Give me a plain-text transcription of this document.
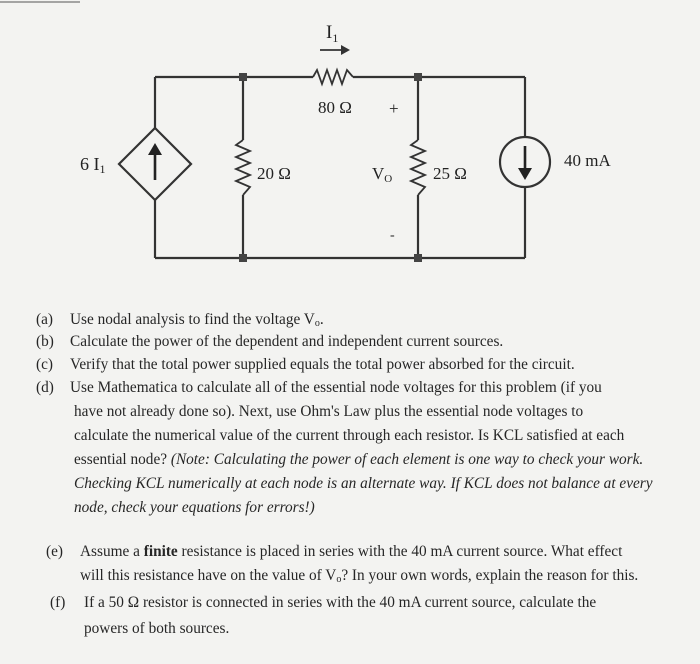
6 I1
80 Ω
$I_1$
20 Ω	25 Ω
+
VO
-
40 mA
(a) Use nodal analysis to find the voltage $V_o$.
(b) Calculate the power of the dependent and independent current sources.
(c) Verify that the total power supplied equals the total power absorbed for the circuit.
(d) Use Mathematica to calculate all of the essential node voltages for this problem (if you
have not already done so). Next, use Ohm's Law plus the essential node voltages to
calculate the numerical value of the current through each resistor. Is KCL satisfied at each
essential node? (Note: Calculating the power of each element is one way to check your work.
Checking KCL numerically at each node is an alternate way. If KCL does not balance at every
node, check your equations for errors!)
(e) Assume a finite resistance is placed in series with the 40 mA current source. What effect
will this resistance have on the value of $V_o$? In your own words, explain the reason for this.
(f) If a 50 Ω resistor is connected in series with the 40 mA current source, calculate the
powers of both sources.
